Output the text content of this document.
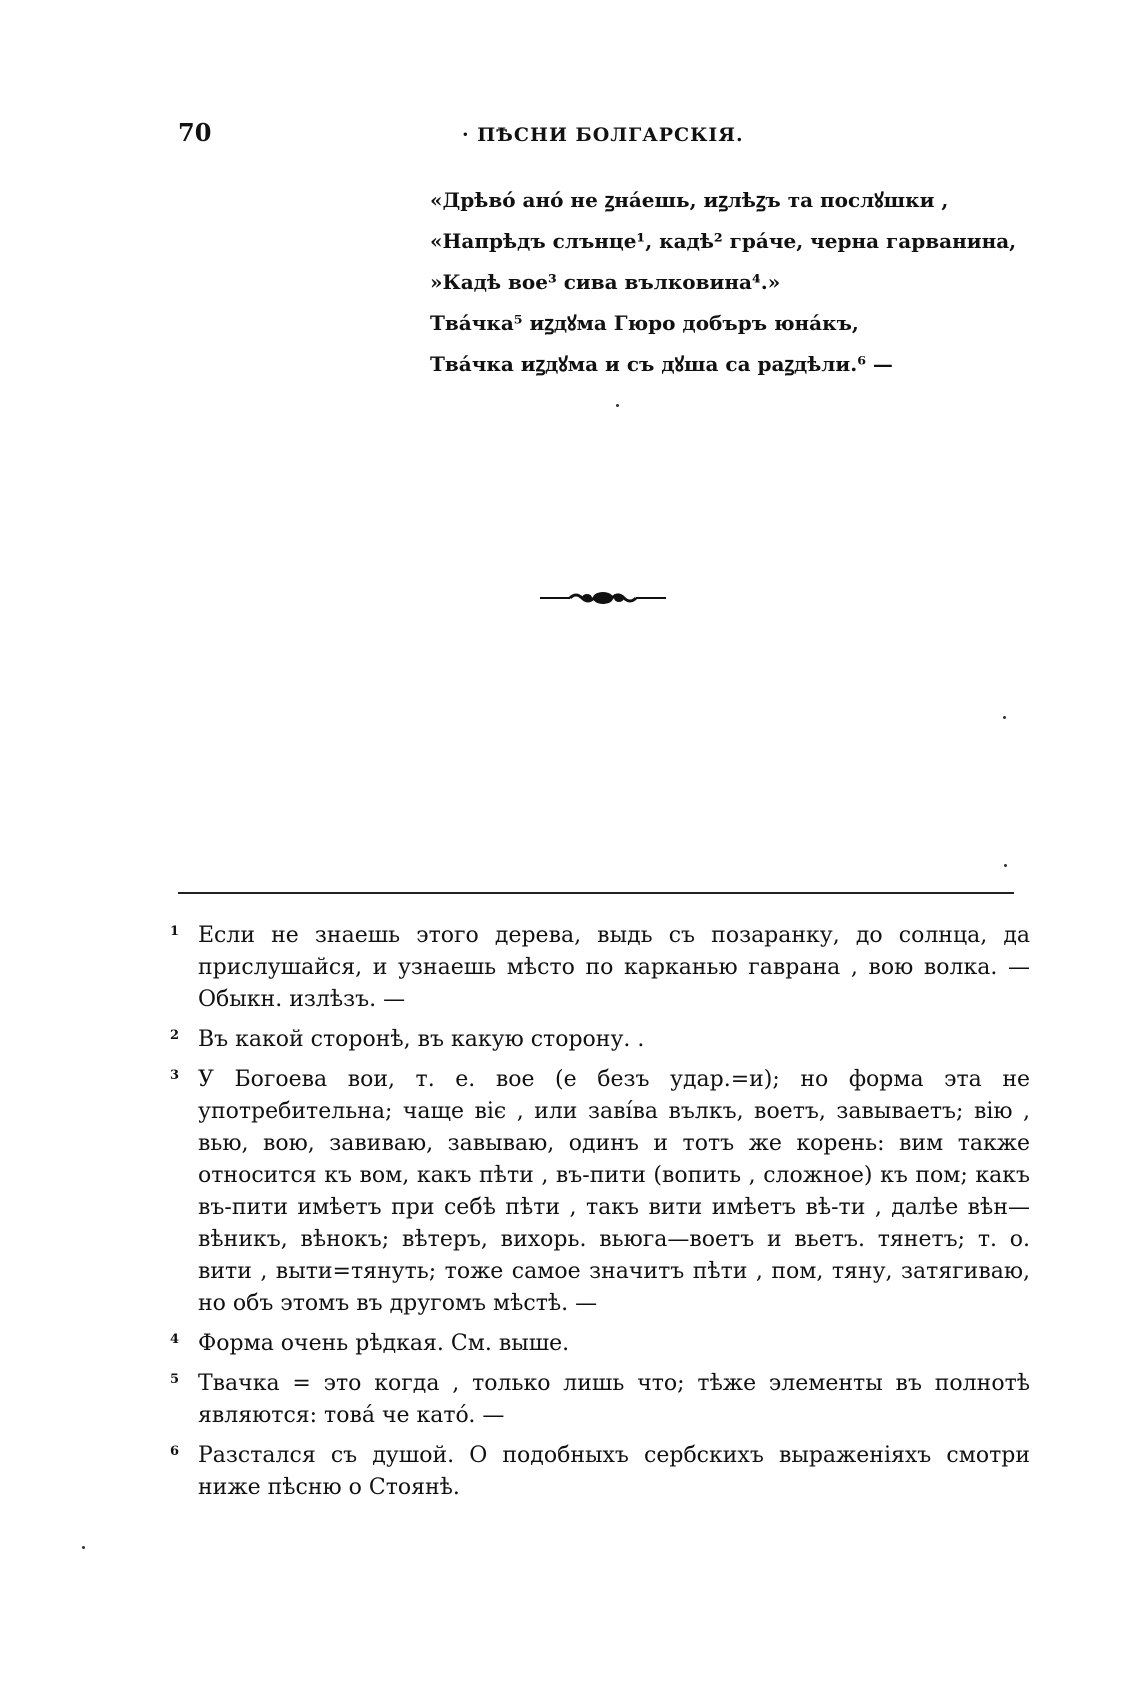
70	· ПѢСНИ БОЛГАРСКІЯ.
«Дрѣвó анó не ꙁнáешь, иꙁлѣꙁъ та послꙋшки ,
«Напрѣдъ слънце¹, кадѣ² грáче, черна гарванина,
»Кадѣ вое³ сива вълковина⁴.»
Твáчка⁵ иꙁдꙋма Гюро добъръ юнáкъ,
Твáчка иꙁдꙋма и съ дꙋша са раꙁдѣли.⁶ —
1 Если не знаешь этого дерева, выдь съ позаранку, до солнца, да прислушайся, и узнаешь мѣсто по карканью гаврана , вою волка. — Обыкн. излѣзъ. —
2 Въ какой сторонѣ, въ какую сторону. .
3 У Богоева вои, т. е. вое (е безъ удар.=и); но форма эта не употребительна; чаще віє , или завíва вълкъ, воетъ, завываетъ; вію , вью, вою, завиваю, завываю, одинъ и тотъ же корень: вим также относится къ вом, какъ пѣти , въ-пити (вопить , сложное) къ пом; какъ въ-пити имѣетъ при себѣ пѣти , такъ вити имѣетъ вѣ-ти , далѣе вѣн—вѣникъ, вѣнокъ; вѣтеръ, вихорь. вьюга—воетъ и вьетъ. тянетъ; т. о. вити , выти=тянуть; тоже самое значитъ пѣти , пом, тяну, затягиваю, но объ этомъ въ другомъ мѣстѣ. —
4 Форма очень рѣдкая. См. выше.
5 Твачка = это когда , только лишь что; тѣже элементы въ полнотѣ являются: товá че катó. —
6 Разстался съ душой. О подобныхъ сербскихъ выраженіяхъ смотри ниже пѣсню о Стоянѣ.
